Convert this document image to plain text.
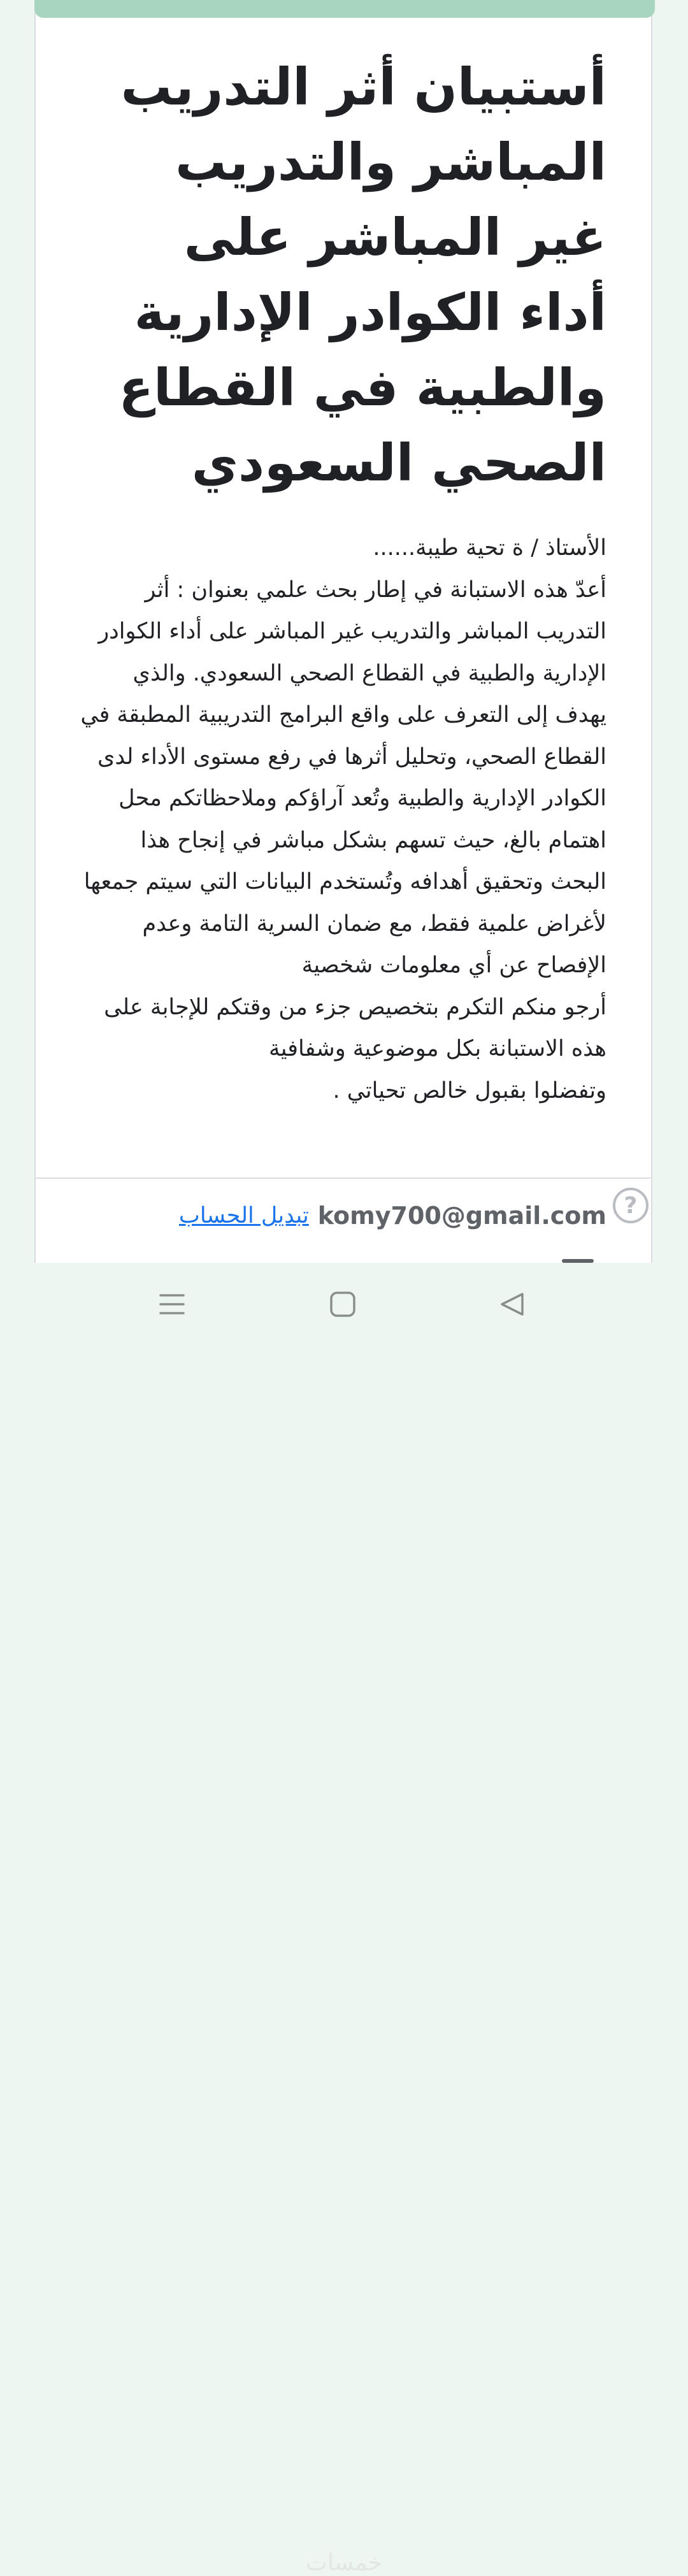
أستبيان أثر التدريب المباشر والتدريب غير المباشر على أداء الكوادر الإدارية والطبية في القطاع الصحي السعودي

الأستاذ / ة تحية طيبة......
أعدّ هذه الاستبانة في إطار بحث علمي بعنوان : أثر التدريب المباشر والتدريب غير المباشر على أداء الكوادر الإدارية والطبية في القطاع الصحي السعودي. والذي يهدف إلى التعرف على واقع البرامج التدريبية المطبقة في القطاع الصحي، وتحليل أثرها في رفع مستوى الأداء لدى الكوادر الإدارية والطبية وتُعد آراؤكم وملاحظاتكم محل اهتمام بالغ، حيث تسهم بشكل مباشر في إنجاح هذا البحث وتحقيق أهدافه وتُستخدم البيانات التي سيتم جمعها لأغراض علمية فقط، مع ضمان السرية التامة وعدم الإفصاح عن أي معلومات شخصية
أرجو منكم التكرم بتخصيص جزء من وقتكم للإجابة على هذه الاستبانة بكل موضوعية وشفافية
وتفضلوا بقبول خالص تحياتي .

komy700@gmail.com
تبديل الحساب	?
خمسات
